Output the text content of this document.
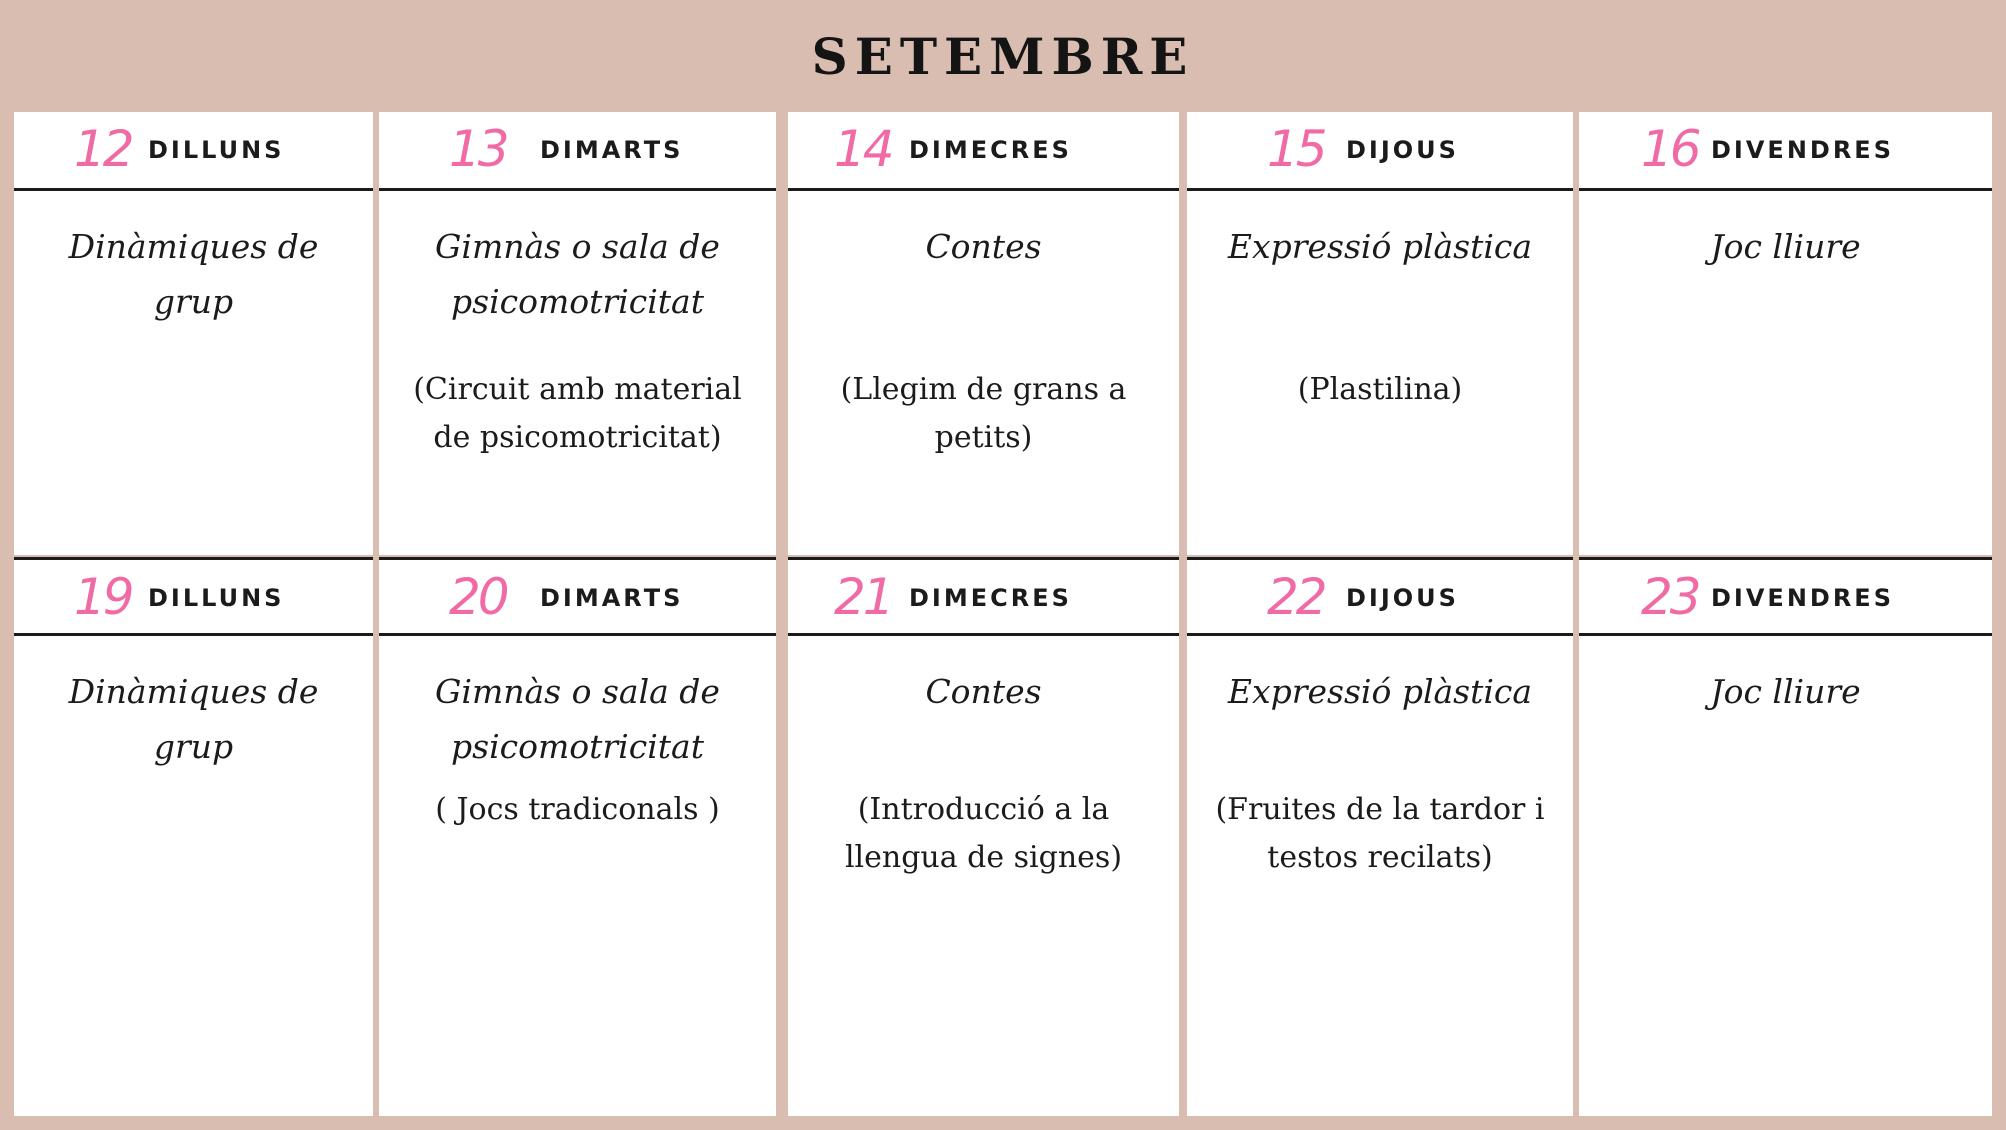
SETEMBRE
12 DILLUNS
Dinàmiques de grup
13 DIMARTS
Gimnàs o sala de psicomotricitat
(Circuit amb material de psicomotricitat)
14 DIMECRES
Contes
(Llegim de grans a petits)
15 DIJOUS
Expressió plàstica
(Plastilina)
16 DIVENDRES
Joc lliure
19 DILLUNS
Dinàmiques de grup
20 DIMARTS
Gimnàs o sala de psicomotricitat
( Jocs tradiconals )
21 DIMECRES
Contes
(Introducció a la llengua de signes)
22 DIJOUS
Expressió plàstica
(Fruites de la tardor i testos recilats)
23 DIVENDRES
Joc lliure
